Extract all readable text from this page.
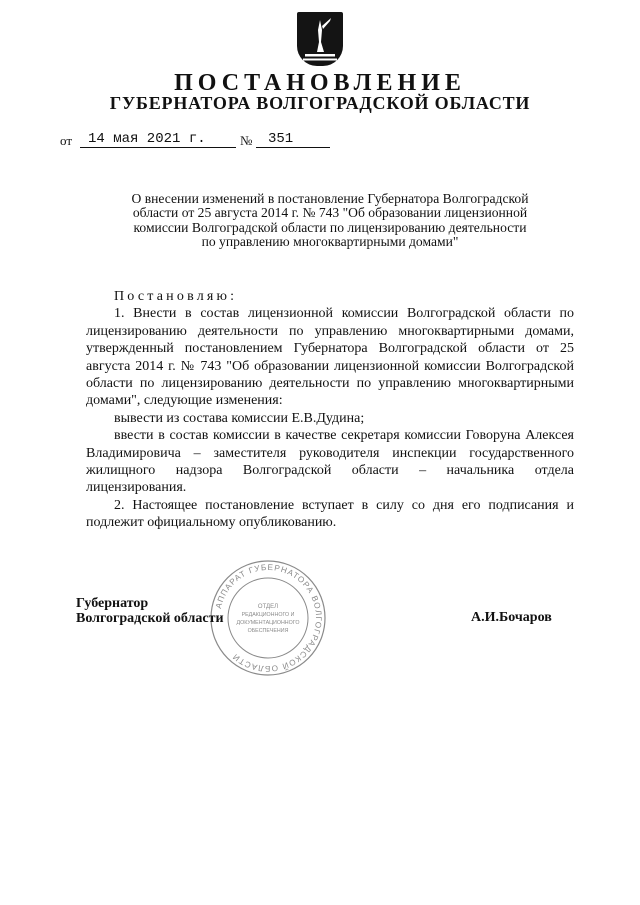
ПОСТАНОВЛЕНИЕ
ГУБЕРНАТОРА ВОЛГОГРАДСКОЙ ОБЛАСТИ
от	14 мая 2021 г.	№	351
О внесении изменений в постановление Губернатора Волгоградской
области от 25 августа 2014 г. № 743 "Об образовании лицензионной
комиссии Волгоградской области по лицензированию деятельности
по управлению многоквартирными домами"

Постановляю:

1. Внести в состав лицензионной комиссии Волгоградской области по лицензированию деятельности по управлению многоквартирными домами, утвержденный постановлением Губернатора Волгоградской области от 25 августа 2014 г. № 743 "Об образовании лицензионной комиссии Волгоградской области по лицензированию деятельности по управлению многоквартирными домами", следующие изменения:

вывести из состава комиссии Е.В.Дудина;

ввести в состав комиссии в качестве секретаря комиссии Говоруна Алексея Владимировича – заместителя руководителя инспекции государственного жилищного надзора Волгоградской области – начальника отдела лицензирования.

2. Настоящее постановление вступает в силу со дня его подписания и подлежит официальному опубликованию.

АППАРАТ ГУБЕРНАТОРА ВОЛГОГРАДСКОЙ ОБЛАСТИ
ОТДЕЛ
РЕДАКЦИОННОГО И
ДОКУМЕНТАЦИОННОГО
ОБЕСПЕЧЕНИЯ
Губернатор
Волгоградской области	А.И.Бочаров
